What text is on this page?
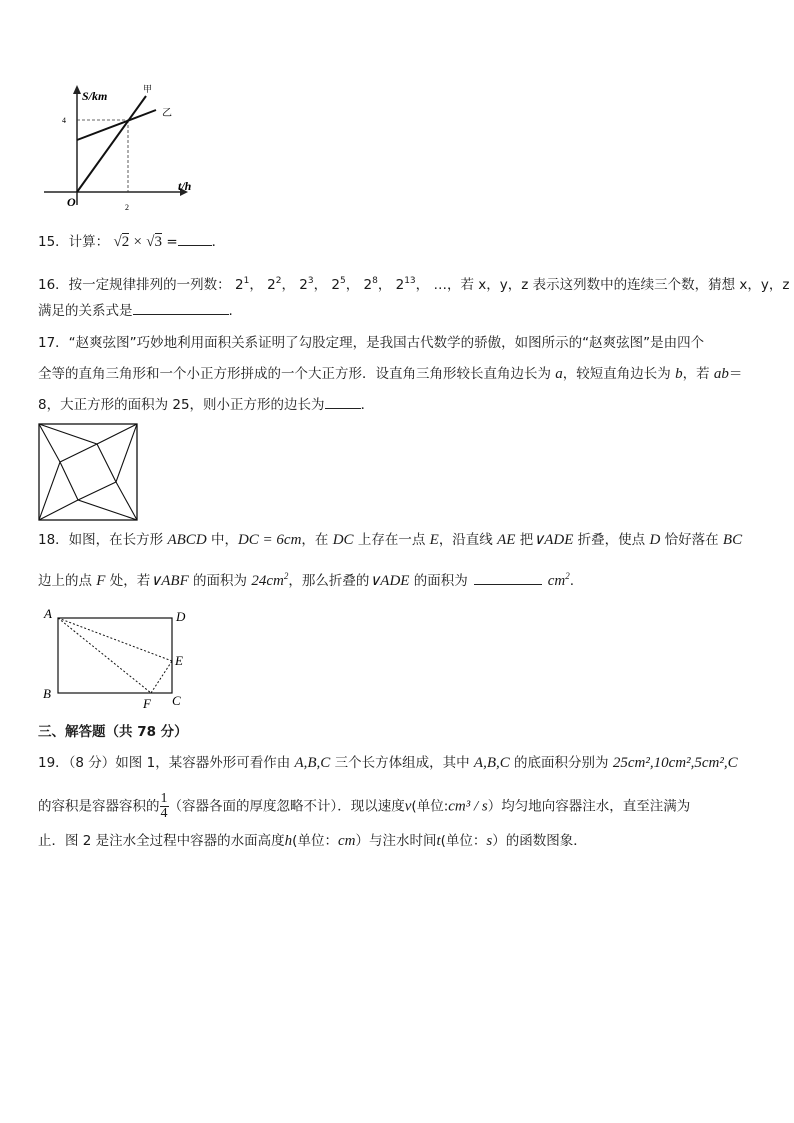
S/km
t/h
O
4
2
甲
乙
15．计算： √2 × √3 =	．
16．按一定规律排列的一列数： $2^1$， $2^2$， $2^3$， $2^5$， $2^8$， $2^{13}$， …，若 x，y，z 表示这列数中的连续三个数，猜想 x，y，z
满足的关系式是	.
17．“赵爽弦图”巧妙地利用面积关系证明了勾股定理，是我国古代数学的骄傲，如图所示的“赵爽弦图”是由四个
全等的直角三角形和一个小正方形拼成的一个大正方形．设直角三角形较长直角边长为 a，较短直角边长为 b，若 ab＝
8，大正方形的面积为 25，则小正方形的边长为	．
18．如图，在长方形 ABCD 中，DC = 6cm，在 DC 上存在一点 E，沿直线 AE 把∨ADE 折叠，使点 D 恰好落在 BC
边上的点 F 处，若∨ABF 的面积为 $24cm^2$，那么折叠的∨ADE 的面积为	$cm^2$.
A	D
E
B	C
F
三、解答题（共 78 分）
19．（8 分）如图 1，某容器外形可看作由 A,B,C 三个长方体组成，其中 A,B,C 的底面积分别为 25cm²,10cm²,5cm²,C
的容积是容器容积的 $\frac{1}{4}$ （容器各面的厚度忽略不计）．现以速度v(单位:cm³ / s）均匀地向容器注水，直至注满为
止．图 2 是注水全过程中容器的水面高度h(单位：cm）与注水时间t(单位：s）的函数图象．
